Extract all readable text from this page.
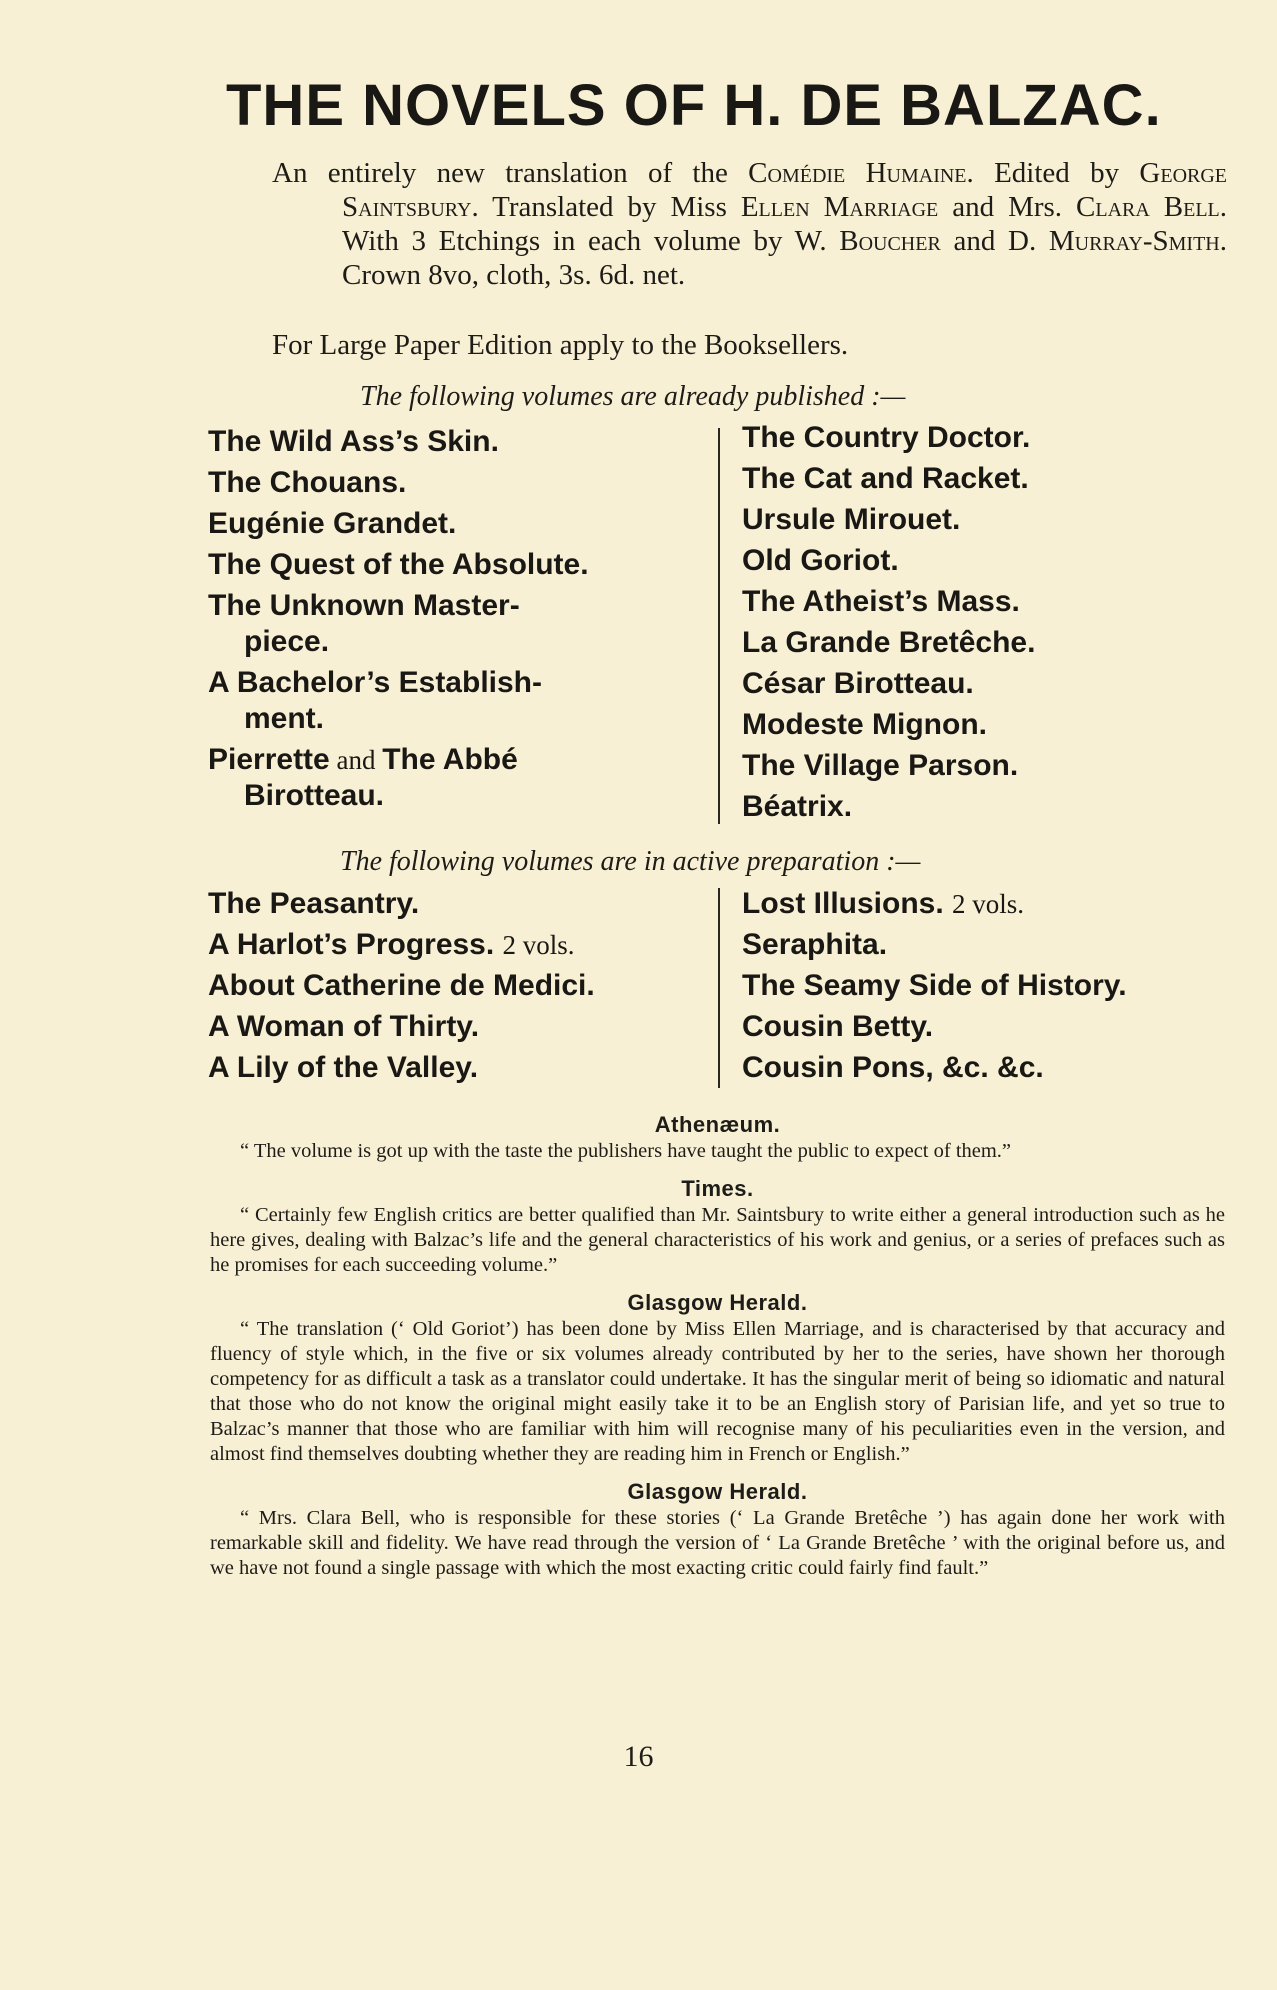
THE NOVELS OF H. DE BALZAC.
An entirely new translation of the Comédie Humaine. Edited by George Saintsbury. Translated by Miss Ellen Marriage and Mrs. Clara Bell. With 3 Etchings in each volume by W. Boucher and D. Murray-Smith. Crown 8vo, cloth, 3s. 6d. net.
For Large Paper Edition apply to the Booksellers.
The following volumes are already published :—
The Wild Ass’s Skin.
The Chouans.
Eugénie Grandet.
The Quest of the Absolute.
The Unknown Master-
piece.
A Bachelor’s Establish-
ment.
Pierrette and The Abbé
Birotteau.
The Country Doctor.
The Cat and Racket.
Ursule Mirouet.
Old Goriot.
The Atheist’s Mass.
La Grande Bretêche.
César Birotteau.
Modeste Mignon.
The Village Parson.
Béatrix.
The following volumes are in active preparation :—
The Peasantry.
A Harlot’s Progress. 2 vols.
About Catherine de Medici.
A Woman of Thirty.
A Lily of the Valley.
Lost Illusions. 2 vols.
Seraphita.
The Seamy Side of History.
Cousin Betty.
Cousin Pons, &c. &c.
Athenæum.
“ The volume is got up with the taste the publishers have taught the public to expect of them.”
Times.
“ Certainly few English critics are better qualified than Mr. Saintsbury to write either a general introduction such as he here gives, dealing with Balzac’s life and the general characteristics of his work and genius, or a series of prefaces such as he promises for each succeeding volume.”
Glasgow Herald.
“ The translation (‘ Old Goriot’) has been done by Miss Ellen Marriage, and is characterised by that accuracy and fluency of style which, in the five or six volumes already contributed by her to the series, have shown her thorough competency for as difficult a task as a translator could undertake. It has the singular merit of being so idiomatic and natural that those who do not know the original might easily take it to be an English story of Parisian life, and yet so true to Balzac’s manner that those who are familiar with him will recognise many of his peculiarities even in the version, and almost find themselves doubting whether they are reading him in French or English.”
Glasgow Herald.
“ Mrs. Clara Bell, who is responsible for these stories (‘ La Grande Bretêche ’) has again done her work with remarkable skill and fidelity. We have read through the version of ‘ La Grande Bretêche ’ with the original before us, and we have not found a single passage with which the most exacting critic could fairly find fault.”
16
